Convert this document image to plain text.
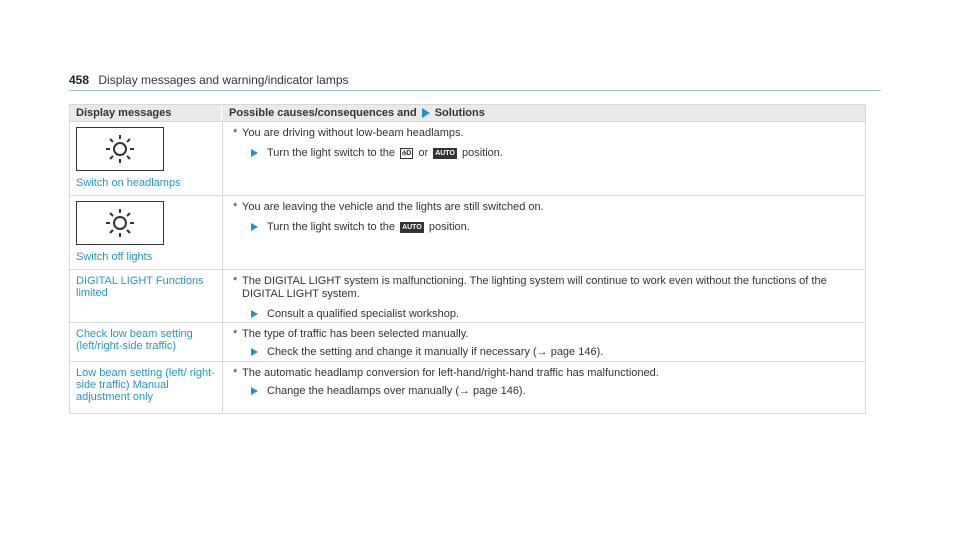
458 Display messages and warning/indicator lamps
Display messages	Possible causes/consequences and Solutions
Switch on headlamps
* You are driving without low-beam headlamps.
Turn the light switch to the ⫛D or AUTO position.
Switch off lights
* You are leaving the vehicle and the lights are still switched on.
Turn the light switch to the AUTO position.
DIGITAL LIGHT Functions limited
* The DIGITAL LIGHT system is malfunctioning. The lighting system will continue to work even without the functions of the DIGITAL LIGHT system.
Consult a qualified specialist workshop.
Check low beam setting (left/right-side traffic)
* The type of traffic has been selected manually.
Check the setting and change it manually if necessary (→ page 146).
Low beam setting (left/ right-side traffic) Manual adjustment only
* The automatic headlamp conversion for left-hand/right-hand traffic has malfunctioned.
Change the headlamps over manually (→ page 146).
